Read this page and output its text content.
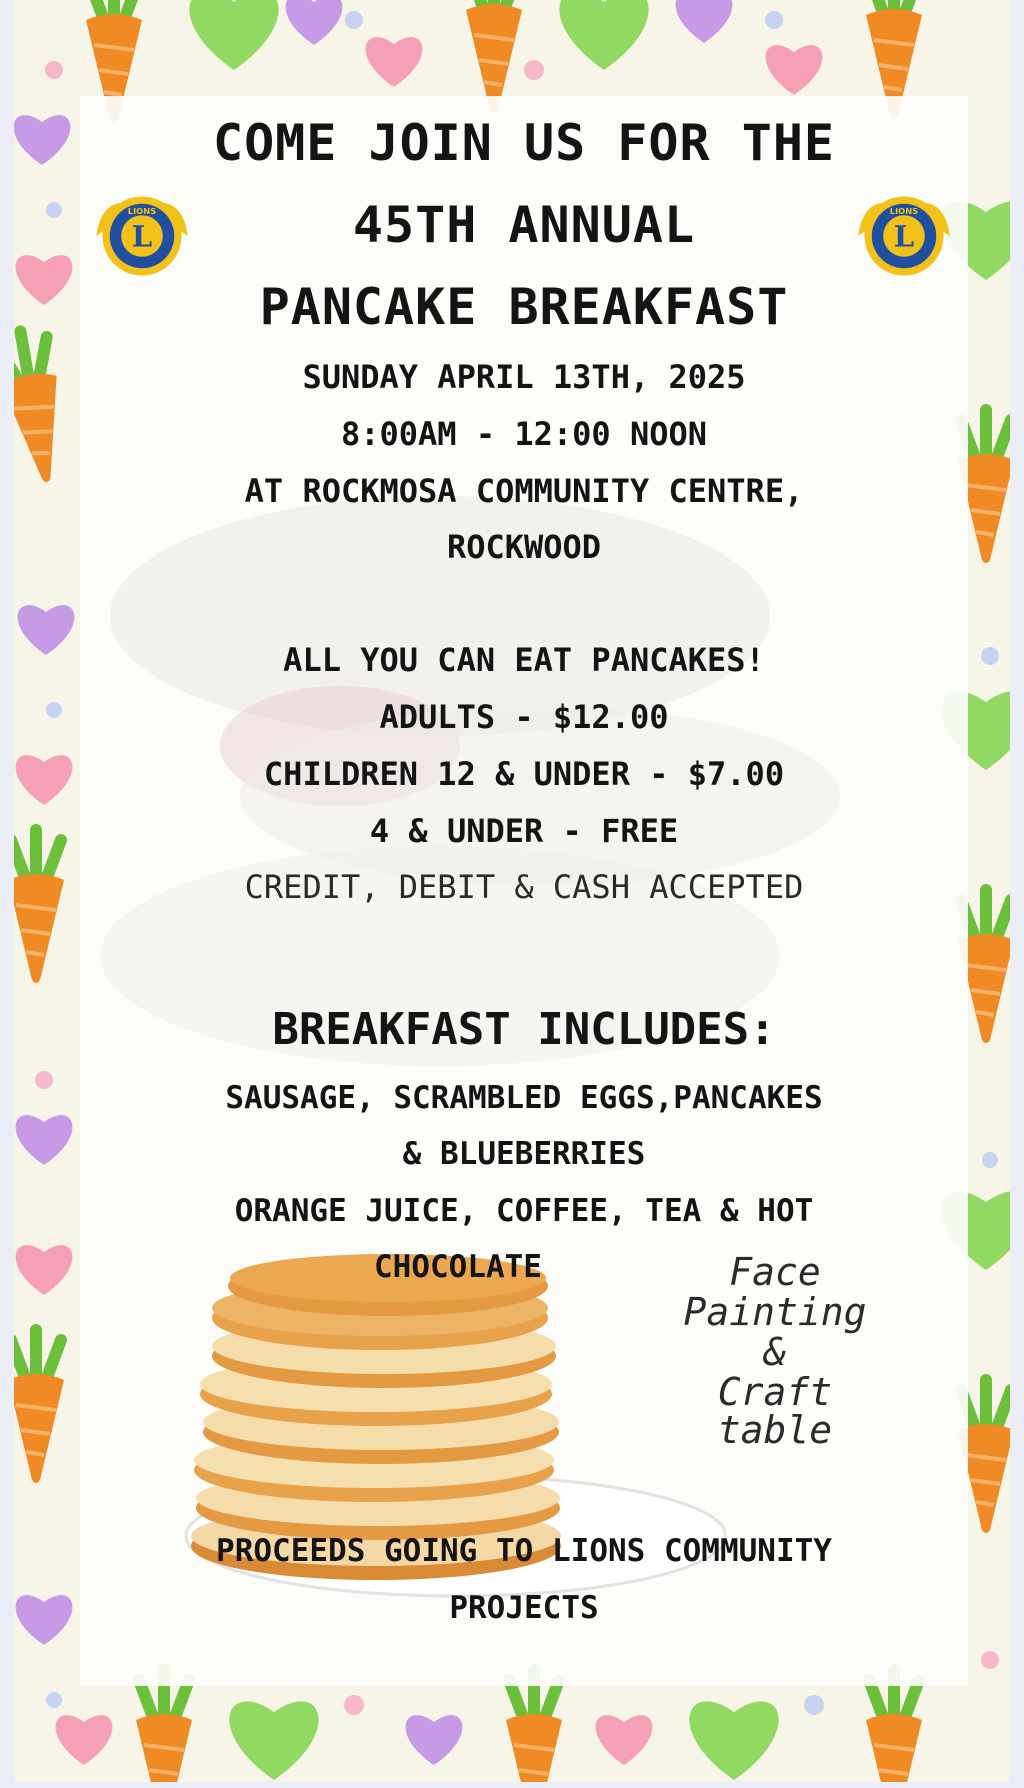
L
LIONS
L
LIONS
COME JOIN US FOR THE
45TH ANNUAL
PANCAKE BREAKFAST
SUNDAY APRIL 13TH, 2025
8:00AM - 12:00 NOON
AT ROCKMOSA COMMUNITY CENTRE,
ROCKWOOD
ALL YOU CAN EAT PANCAKES!
ADULTS - $12.00
CHILDREN 12 & UNDER - $7.00
4 & UNDER - FREE
CREDIT, DEBIT & CASH ACCEPTED
BREAKFAST INCLUDES:
SAUSAGE, SCRAMBLED EGGS,PANCAKES
& BLUEBERRIES
ORANGE JUICE, COFFEE, TEA & HOT
CHOCOLATE	Face
Painting
&
Craft
table
PROCEEDS GOING TO LIONS COMMUNITY
PROJECTS
